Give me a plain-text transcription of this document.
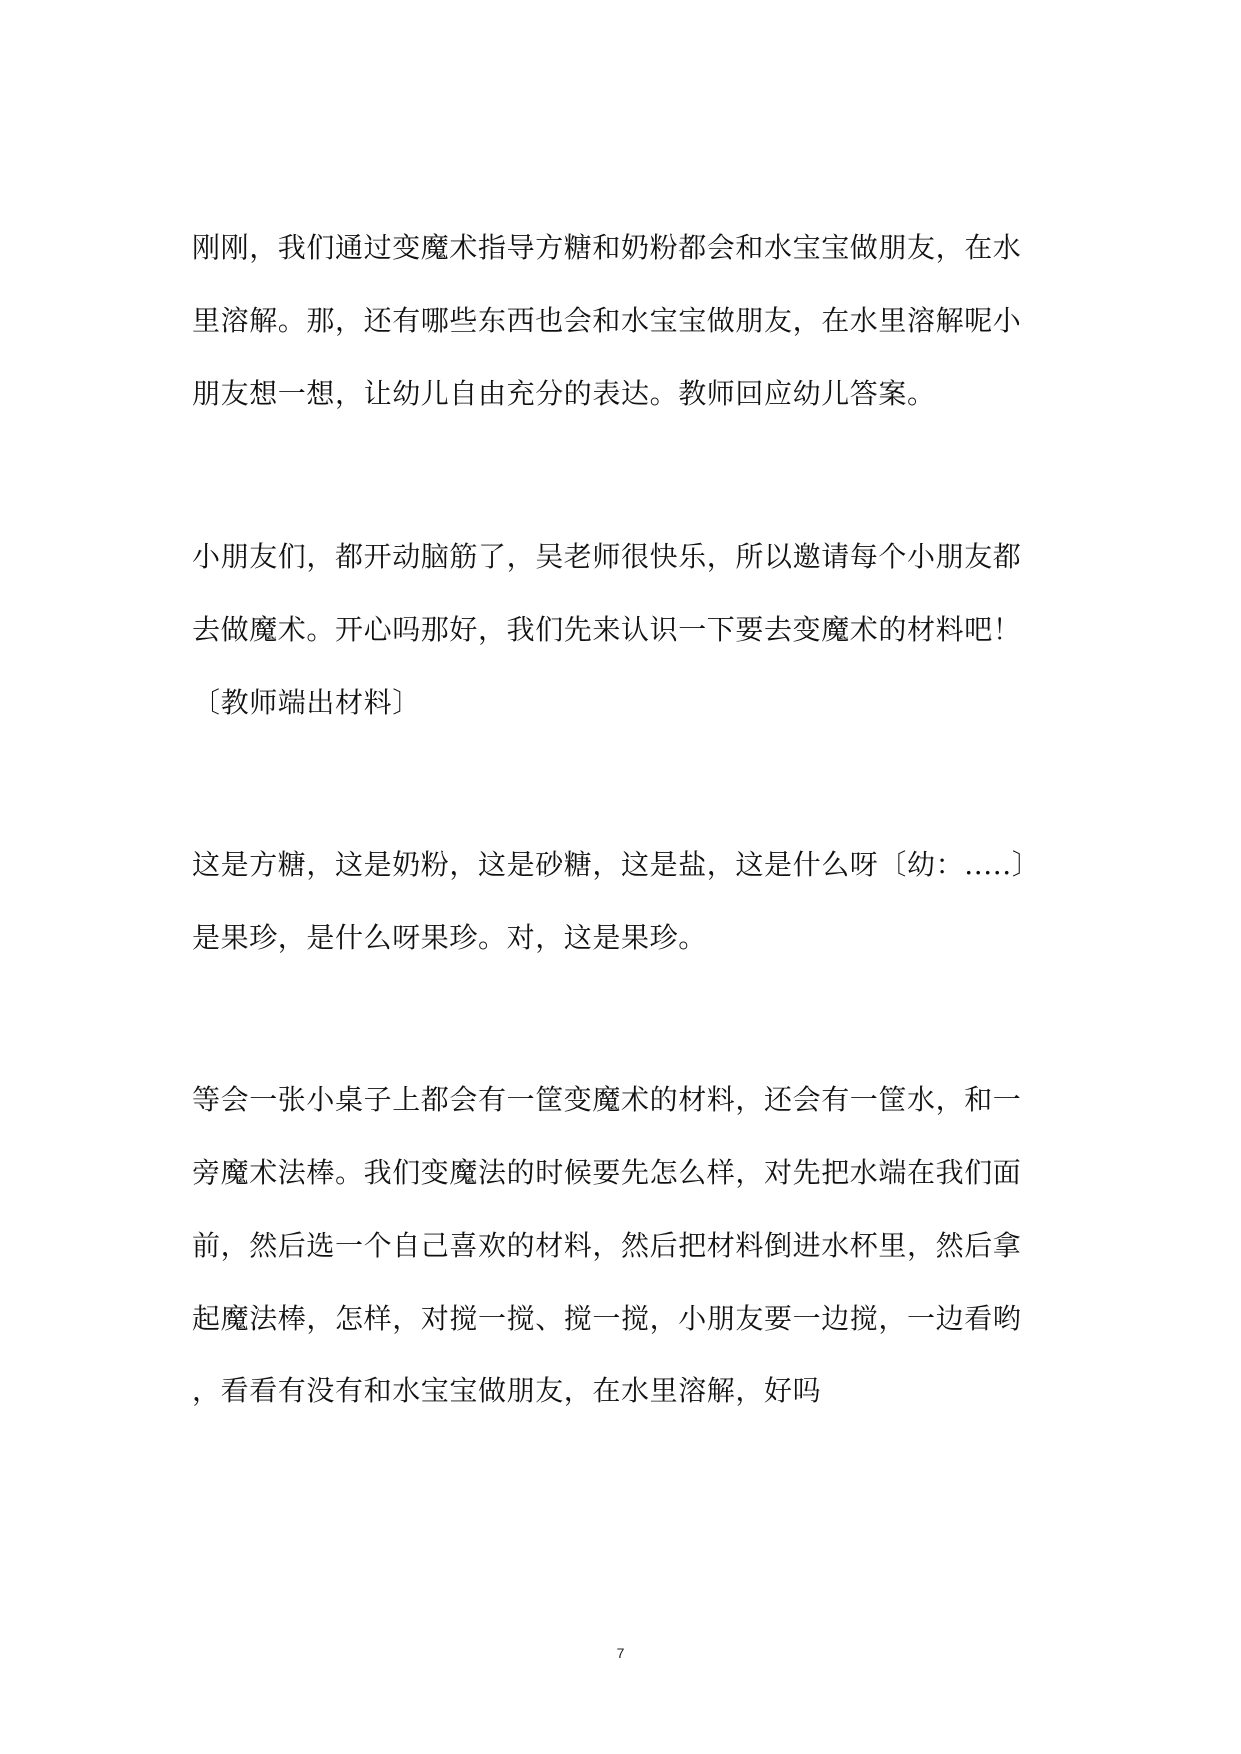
刚刚，我们通过变魔术指导方糖和奶粉都会和水宝宝做朋友，在水
里溶解。那，还有哪些东西也会和水宝宝做朋友，在水里溶解呢小
朋友想一想，让幼儿自由充分的表达。教师回应幼儿答案。
小朋友们，都开动脑筋了，吴老师很快乐，所以邀请每个小朋友都
去做魔术。开心吗那好，我们先来认识一下要去变魔术的材料吧！
〔教师端出材料〕
这是方糖，这是奶粉，这是砂糖，这是盐，这是什么呀〔幼：.....〕
是果珍，是什么呀果珍。对，这是果珍。
等会一张小桌子上都会有一筐变魔术的材料，还会有一筐水，和一
旁魔术法棒。我们变魔法的时候要先怎么样，对先把水端在我们面
前，然后选一个自己喜欢的材料，然后把材料倒进水杯里，然后拿
起魔法棒，怎样，对搅一搅、搅一搅，小朋友要一边搅，一边看哟
，看看有没有和水宝宝做朋友，在水里溶解，好吗
7
